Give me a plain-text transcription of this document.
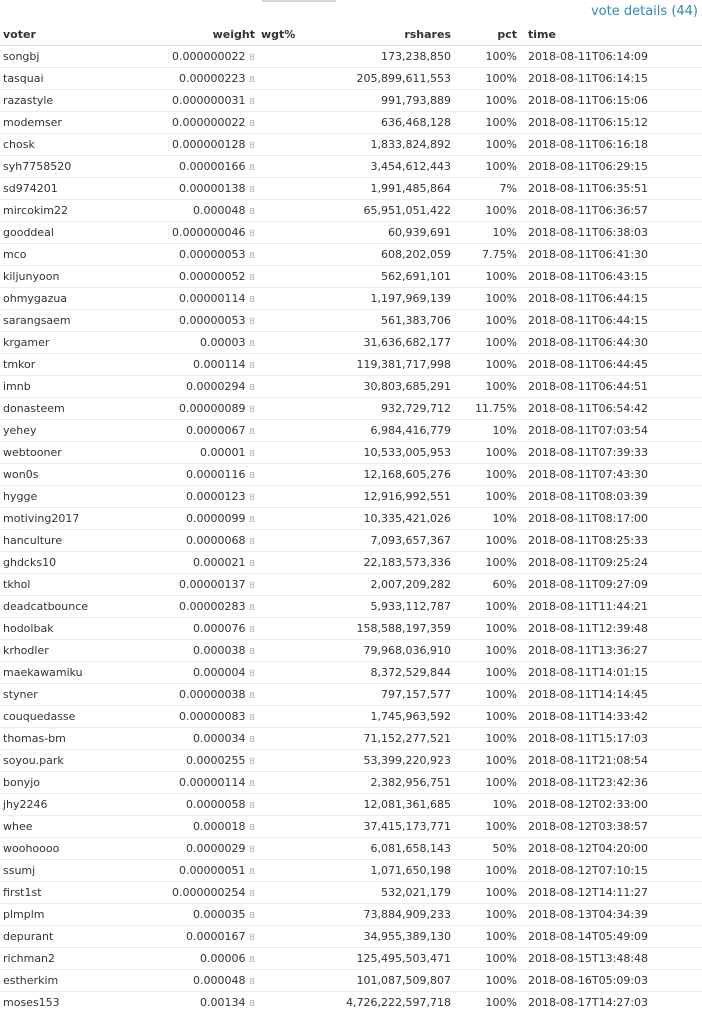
vote details (44)
voter	weight	wgt%	rshares	pct	time
songbj	0.000000022 B		173,238,850	100%	2018-08-11T06:14:09
tasquai	0.00000223 B		205,899,611,553	100%	2018-08-11T06:14:15
razastyle	0.000000031 B		991,793,889	100%	2018-08-11T06:15:06
modemser	0.000000022 B		636,468,128	100%	2018-08-11T06:15:12
chosk	0.000000128 B		1,833,824,892	100%	2018-08-11T06:16:18
syh7758520	0.00000166 B		3,454,612,443	100%	2018-08-11T06:29:15
sd974201	0.00000138 B		1,991,485,864	7%	2018-08-11T06:35:51
mircokim22	0.000048 B		65,951,051,422	100%	2018-08-11T06:36:57
gooddeal	0.000000046 B		60,939,691	10%	2018-08-11T06:38:03
mco	0.00000053 B		608,202,059	7.75%	2018-08-11T06:41:30
kiljunyoon	0.00000052 B		562,691,101	100%	2018-08-11T06:43:15
ohmygazua	0.00000114 B		1,197,969,139	100%	2018-08-11T06:44:15
sarangsaem	0.00000053 B		561,383,706	100%	2018-08-11T06:44:15
krgamer	0.00003 B		31,636,682,177	100%	2018-08-11T06:44:30
tmkor	0.000114 B		119,381,717,998	100%	2018-08-11T06:44:45
imnb	0.0000294 B		30,803,685,291	100%	2018-08-11T06:44:51
donasteem	0.00000089 B		932,729,712	11.75%	2018-08-11T06:54:42
yehey	0.0000067 B		6,984,416,779	10%	2018-08-11T07:03:54
webtooner	0.00001 B		10,533,005,953	100%	2018-08-11T07:39:33
won0s	0.0000116 B		12,168,605,276	100%	2018-08-11T07:43:30
hygge	0.0000123 B		12,916,992,551	100%	2018-08-11T08:03:39
motiving2017	0.0000099 B		10,335,421,026	10%	2018-08-11T08:17:00
hanculture	0.0000068 B		7,093,657,367	100%	2018-08-11T08:25:33
ghdcks10	0.000021 B		22,183,573,336	100%	2018-08-11T09:25:24
tkhol	0.00000137 B		2,007,209,282	60%	2018-08-11T09:27:09
deadcatbounce	0.00000283 B		5,933,112,787	100%	2018-08-11T11:44:21
hodolbak	0.000076 B		158,588,197,359	100%	2018-08-11T12:39:48
krhodler	0.000038 B		79,968,036,910	100%	2018-08-11T13:36:27
maekawamiku	0.000004 B		8,372,529,844	100%	2018-08-11T14:01:15
styner	0.00000038 B		797,157,577	100%	2018-08-11T14:14:45
couquedasse	0.00000083 B		1,745,963,592	100%	2018-08-11T14:33:42
thomas-bm	0.000034 B		71,152,277,521	100%	2018-08-11T15:17:03
soyou.park	0.0000255 B		53,399,220,923	100%	2018-08-11T21:08:54
bonyjo	0.00000114 B		2,382,956,751	100%	2018-08-11T23:42:36
jhy2246	0.0000058 B		12,081,361,685	10%	2018-08-12T02:33:00
whee	0.000018 B		37,415,173,771	100%	2018-08-12T03:38:57
woohoooo	0.0000029 B		6,081,658,143	50%	2018-08-12T04:20:00
ssumj	0.00000051 B		1,071,650,198	100%	2018-08-12T07:10:15
first1st	0.000000254 B		532,021,179	100%	2018-08-12T14:11:27
plmplm	0.000035 B		73,884,909,233	100%	2018-08-13T04:34:39
depurant	0.0000167 B		34,955,389,130	100%	2018-08-14T05:49:09
richman2	0.00006 B		125,495,503,471	100%	2018-08-15T13:48:48
estherkim	0.000048 B		101,087,509,807	100%	2018-08-16T05:09:03
moses153	0.00134 B		4,726,222,597,718	100%	2018-08-17T14:27:03
